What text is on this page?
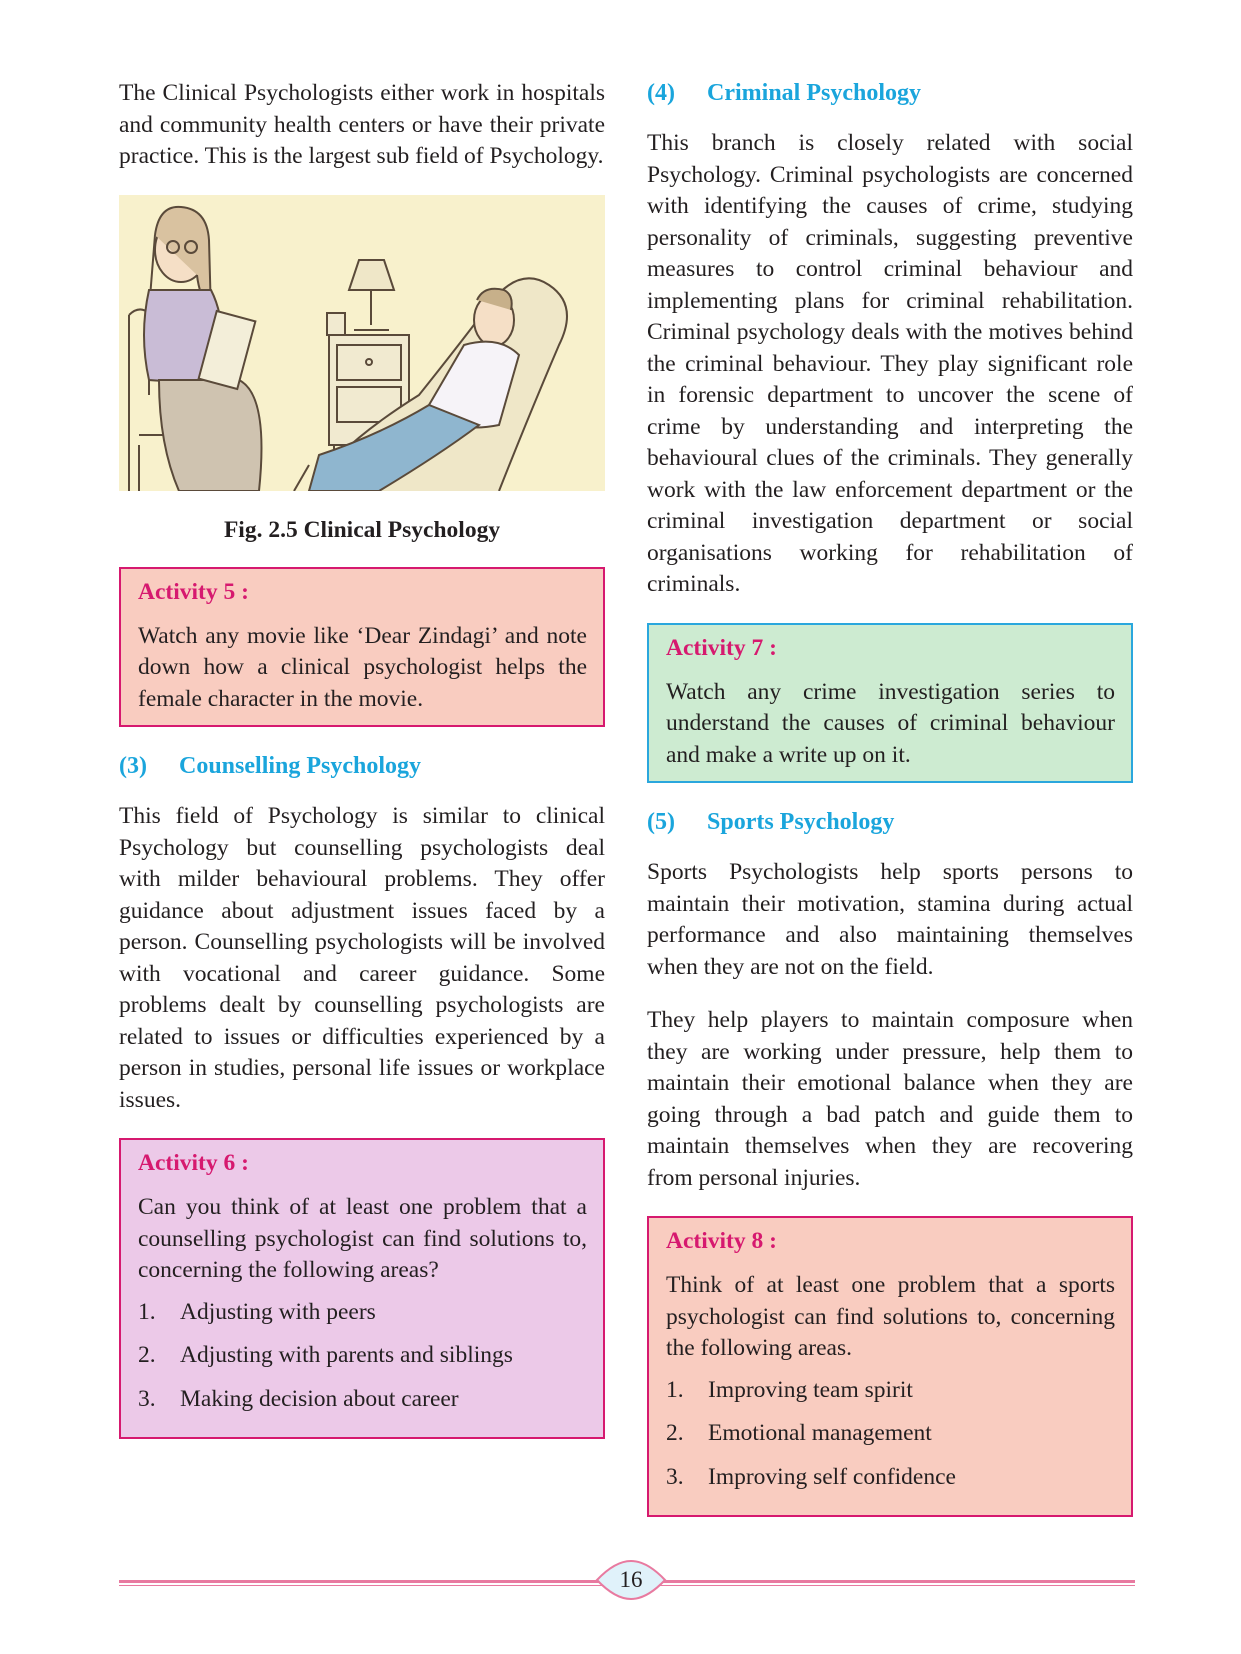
The Clinical Psychologists either work in hospitals and community health centers or have their private practice. This is the largest sub field of Psychology.

Fig. 2.5 Clinical Psychology
Activity 5 :

Watch any movie like ‘Dear Zindagi’ and note down how a clinical psychologist helps the female character in the movie.

(3) Counselling Psychology

This field of Psychology is similar to clinical Psychology but counselling psychologists deal with milder behavioural problems. They offer guidance about adjustment issues faced by a person. Counselling psychologists will be involved with vocational and career guidance. Some problems dealt by counselling psychologists are related to issues or difficulties experienced by a person in studies, personal life issues or workplace issues.

Activity 6 :

Can you think of at least one problem that a counselling psychologist can find solutions to, concerning the following areas?

1.	Adjusting with peers
2.	Adjusting with parents and siblings
3.	Making decision about career
(4) Criminal Psychology

This branch is closely related with social Psychology. Criminal psychologists are concerned with identifying the causes of crime, studying personality of criminals, suggesting preventive measures to control criminal behaviour and implementing plans for criminal rehabilitation. Criminal psychology deals with the motives behind the criminal behaviour. They play significant role in forensic department to uncover the scene of crime by understanding and interpreting the behavioural clues of the criminals. They generally work with the law enforcement department or the criminal investigation department or social organisations working for rehabilitation of criminals.

Activity 7 :

Watch any crime investigation series to understand the causes of criminal behaviour and make a write up on it.

(5) Sports Psychology

Sports Psychologists help sports persons to maintain their motivation, stamina during actual performance and also maintaining themselves when they are not on the field.

They help players to maintain composure when they are working under pressure, help them to maintain their emotional balance when they are going through a bad patch and guide them to maintain themselves when they are recovering from personal injuries.

Activity 8 :

Think of at least one problem that a sports psychologist can find solutions to, concerning the following areas.

1.	Improving team spirit
2.	Emotional management
3.	Improving self confidence
16
